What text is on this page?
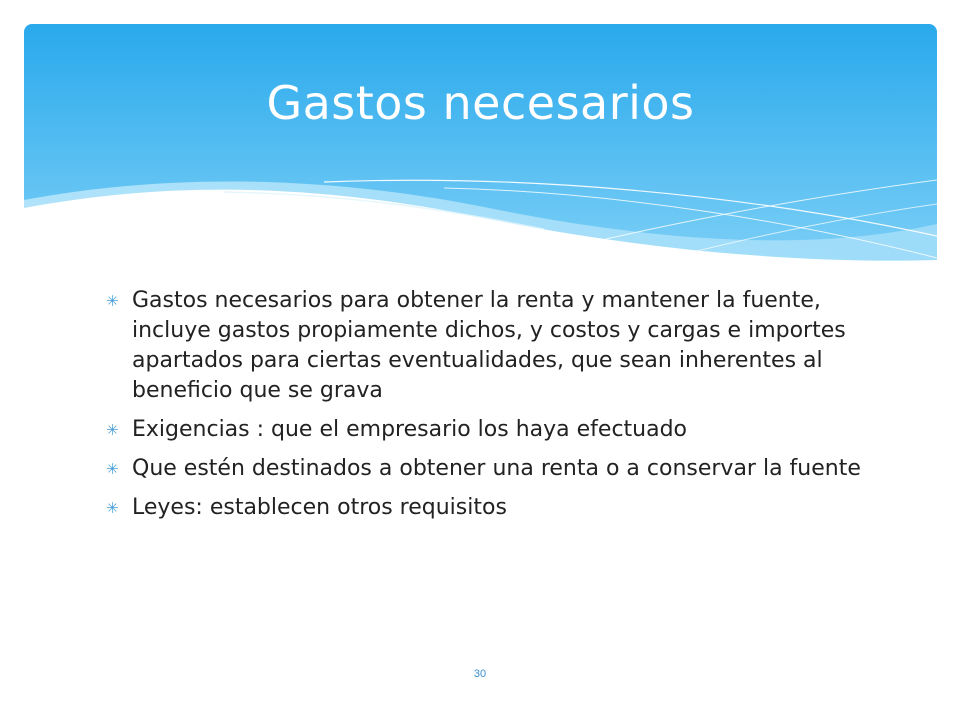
Gastos necesarios
✳ Gastos necesarios para obtener la renta y mantener la fuente, incluye gastos propiamente dichos, y costos y cargas e importes apartados para ciertas eventualidades, que sean inherentes al beneficio que se grava
✳ Exigencias : que el empresario los haya efectuado
✳ Que estén destinados a obtener una renta o a conservar la fuente
✳ Leyes: establecen otros requisitos
30
